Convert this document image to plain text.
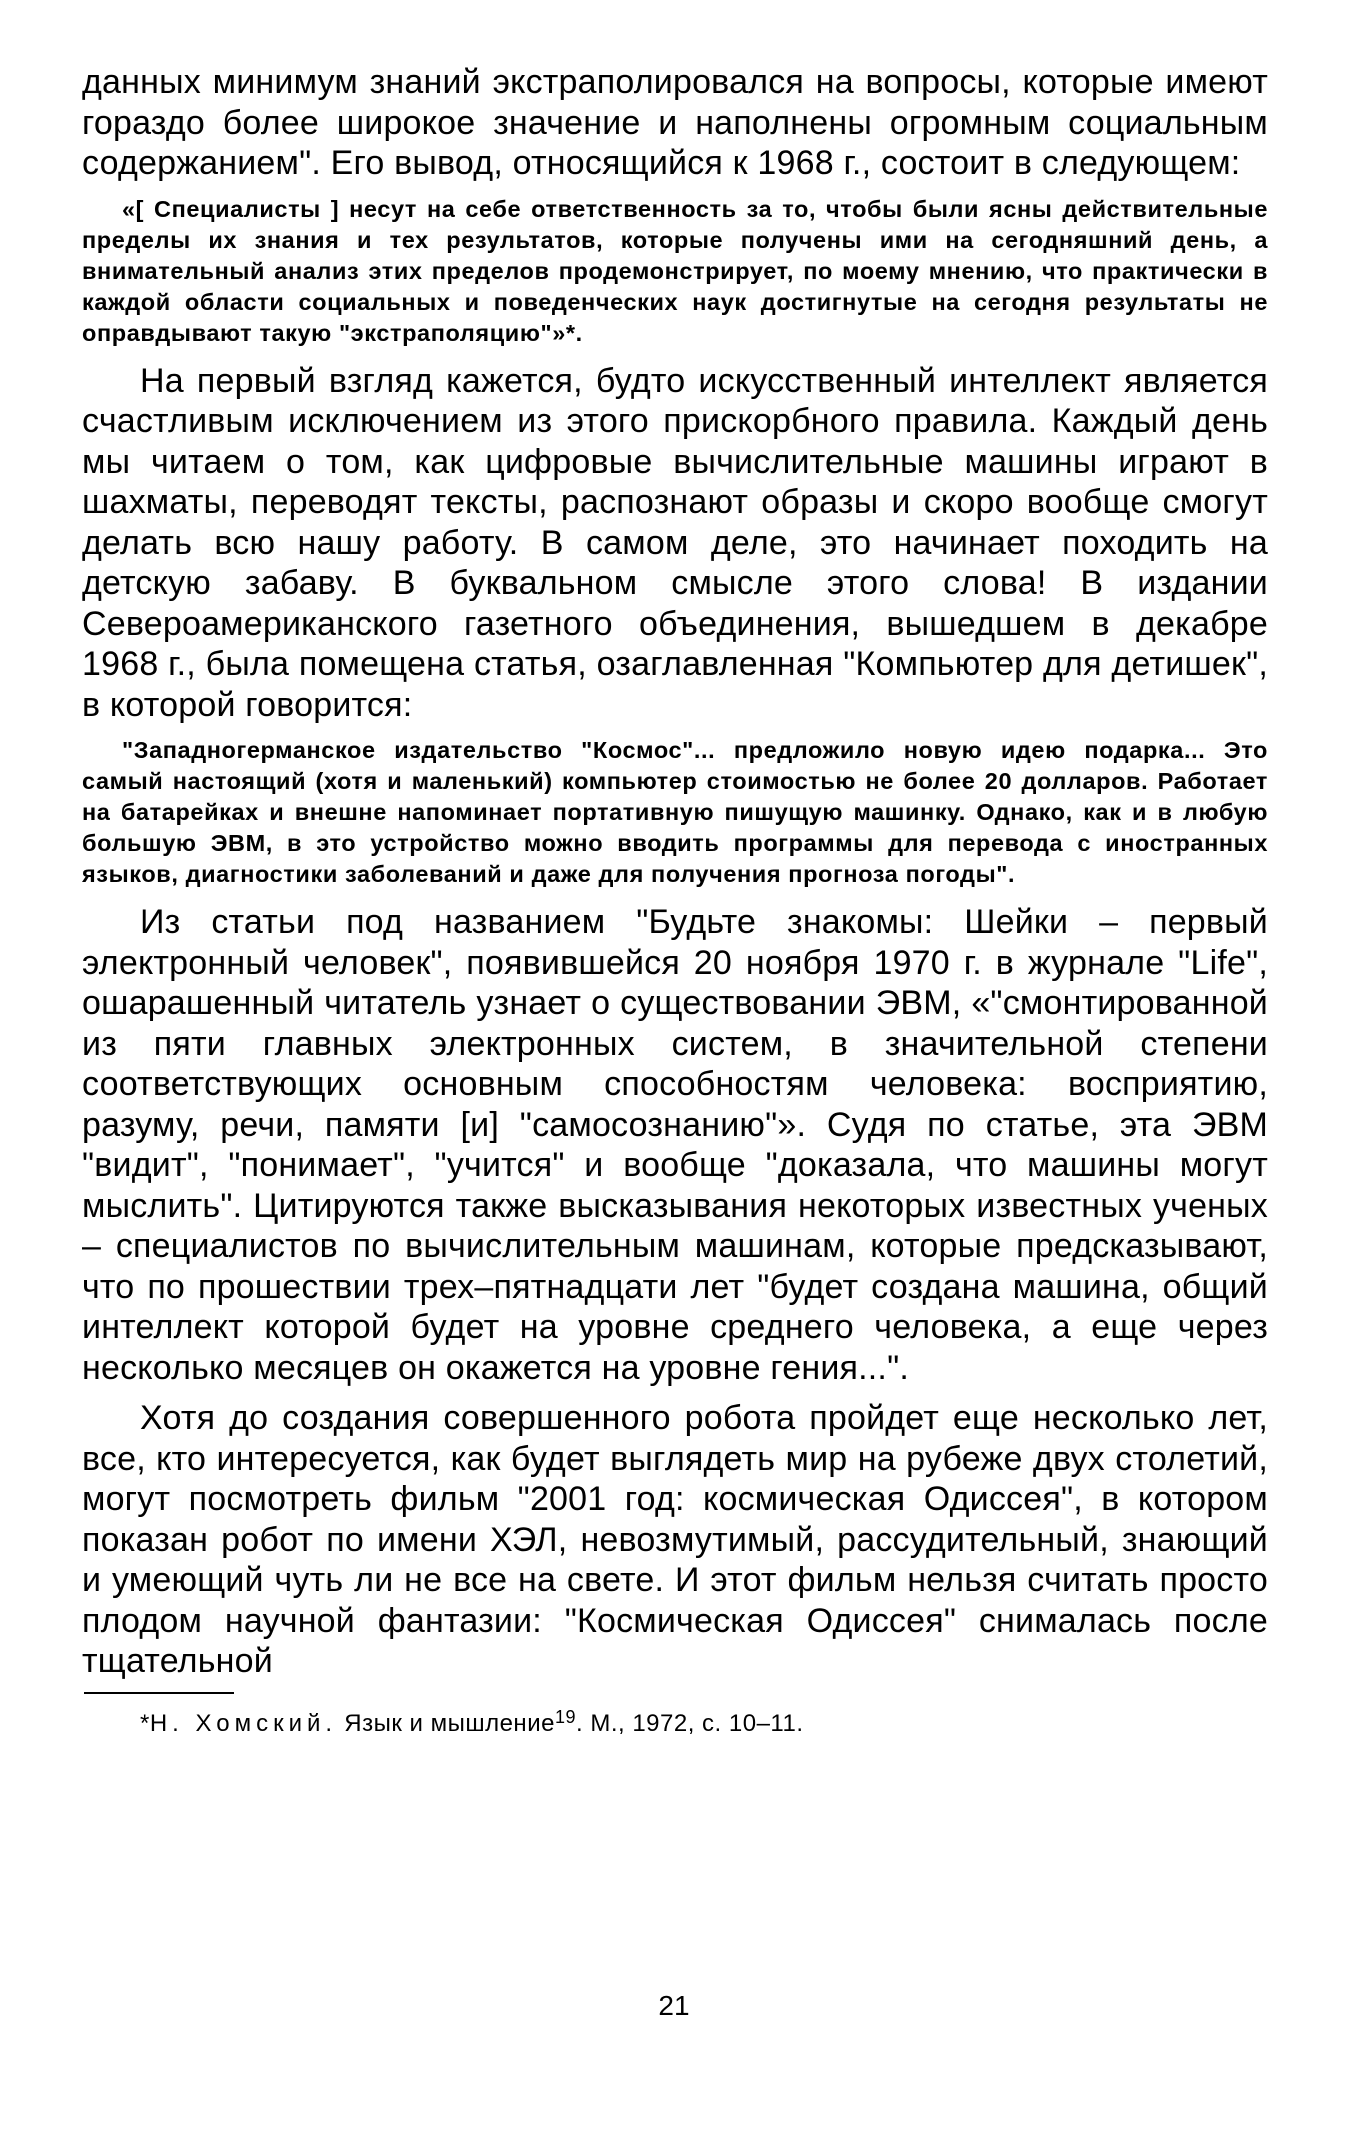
данных минимум знаний экстраполировался на вопросы, которые имеют гораздо более широкое значение и наполнены огромным социальным содержанием". Его вывод, относящийся к 1968 г., состоит в следующем:

«[ Специалисты ] несут на себе ответственность за то, чтобы были ясны действительные пределы их знания и тех результатов, которые получены ими на сегодняшний день, а внимательный анализ этих пределов продемонстрирует, по моему мнению, что практически в каждой области социальных и поведенческих наук достигнутые на сегодня результаты не оправдывают такую "экстраполяцию"»*.

На первый взгляд кажется, будто искусственный интеллект является счастливым исключением из этого прискорбного правила. Каждый день мы читаем о том, как цифровые вычислительные машины играют в шахматы, переводят тексты, распознают образы и скоро вообще смогут делать всю нашу работу. В самом деле, это начинает походить на детскую забаву. В буквальном смысле этого слова! В издании Североамериканского газетного объединения, вышедшем в декабре 1968 г., была помещена статья, озаглавленная "Компьютер для детишек", в которой говорится:

"Западногерманское издательство "Космос"... предложило новую идею подарка... Это самый настоящий (хотя и маленький) компьютер стоимостью не более 20 долларов. Работает на батарейках и внешне напоминает портативную пишущую машинку. Однако, как и в любую большую ЭВМ, в это устройство можно вводить программы для перевода с иностранных языков, диагностики заболеваний и даже для получения прогноза погоды".

Из статьи под названием "Будьте знакомы: Шейки – первый электронный человек", появившейся 20 ноября 1970 г. в журнале "Life", ошарашенный читатель узнает о существовании ЭВМ, «"смонтированной из пяти главных электронных систем, в значительной степени соответствующих основным способностям человека: восприятию, разуму, речи, памяти [и] "самосознанию"». Судя по статье, эта ЭВМ "видит", "понимает", "учится" и вообще "доказала, что машины могут мыслить". Цитируются также высказывания некоторых известных ученых – специалистов по вычислительным машинам, которые предсказывают, что по прошествии трех–пятнадцати лет "будет создана машина, общий интеллект которой будет на уровне среднего человека, а еще через несколько месяцев он окажется на уровне гения...".

Хотя до создания совершенного робота пройдет еще несколько лет, все, кто интересуется, как будет выглядеть мир на рубеже двух столетий, могут посмотреть фильм "2001 год: космическая Одиссея", в котором показан робот по имени ХЭЛ, невозмутимый, рассудительный, знающий и умеющий чуть ли не все на свете. И этот фильм нельзя считать просто плодом научной фантазии: "Космическая Одиссея" снималась после тщательной

*Н. Хомский. Язык и мышление$^{19}$. М., 1972, с. 10–11.

21
